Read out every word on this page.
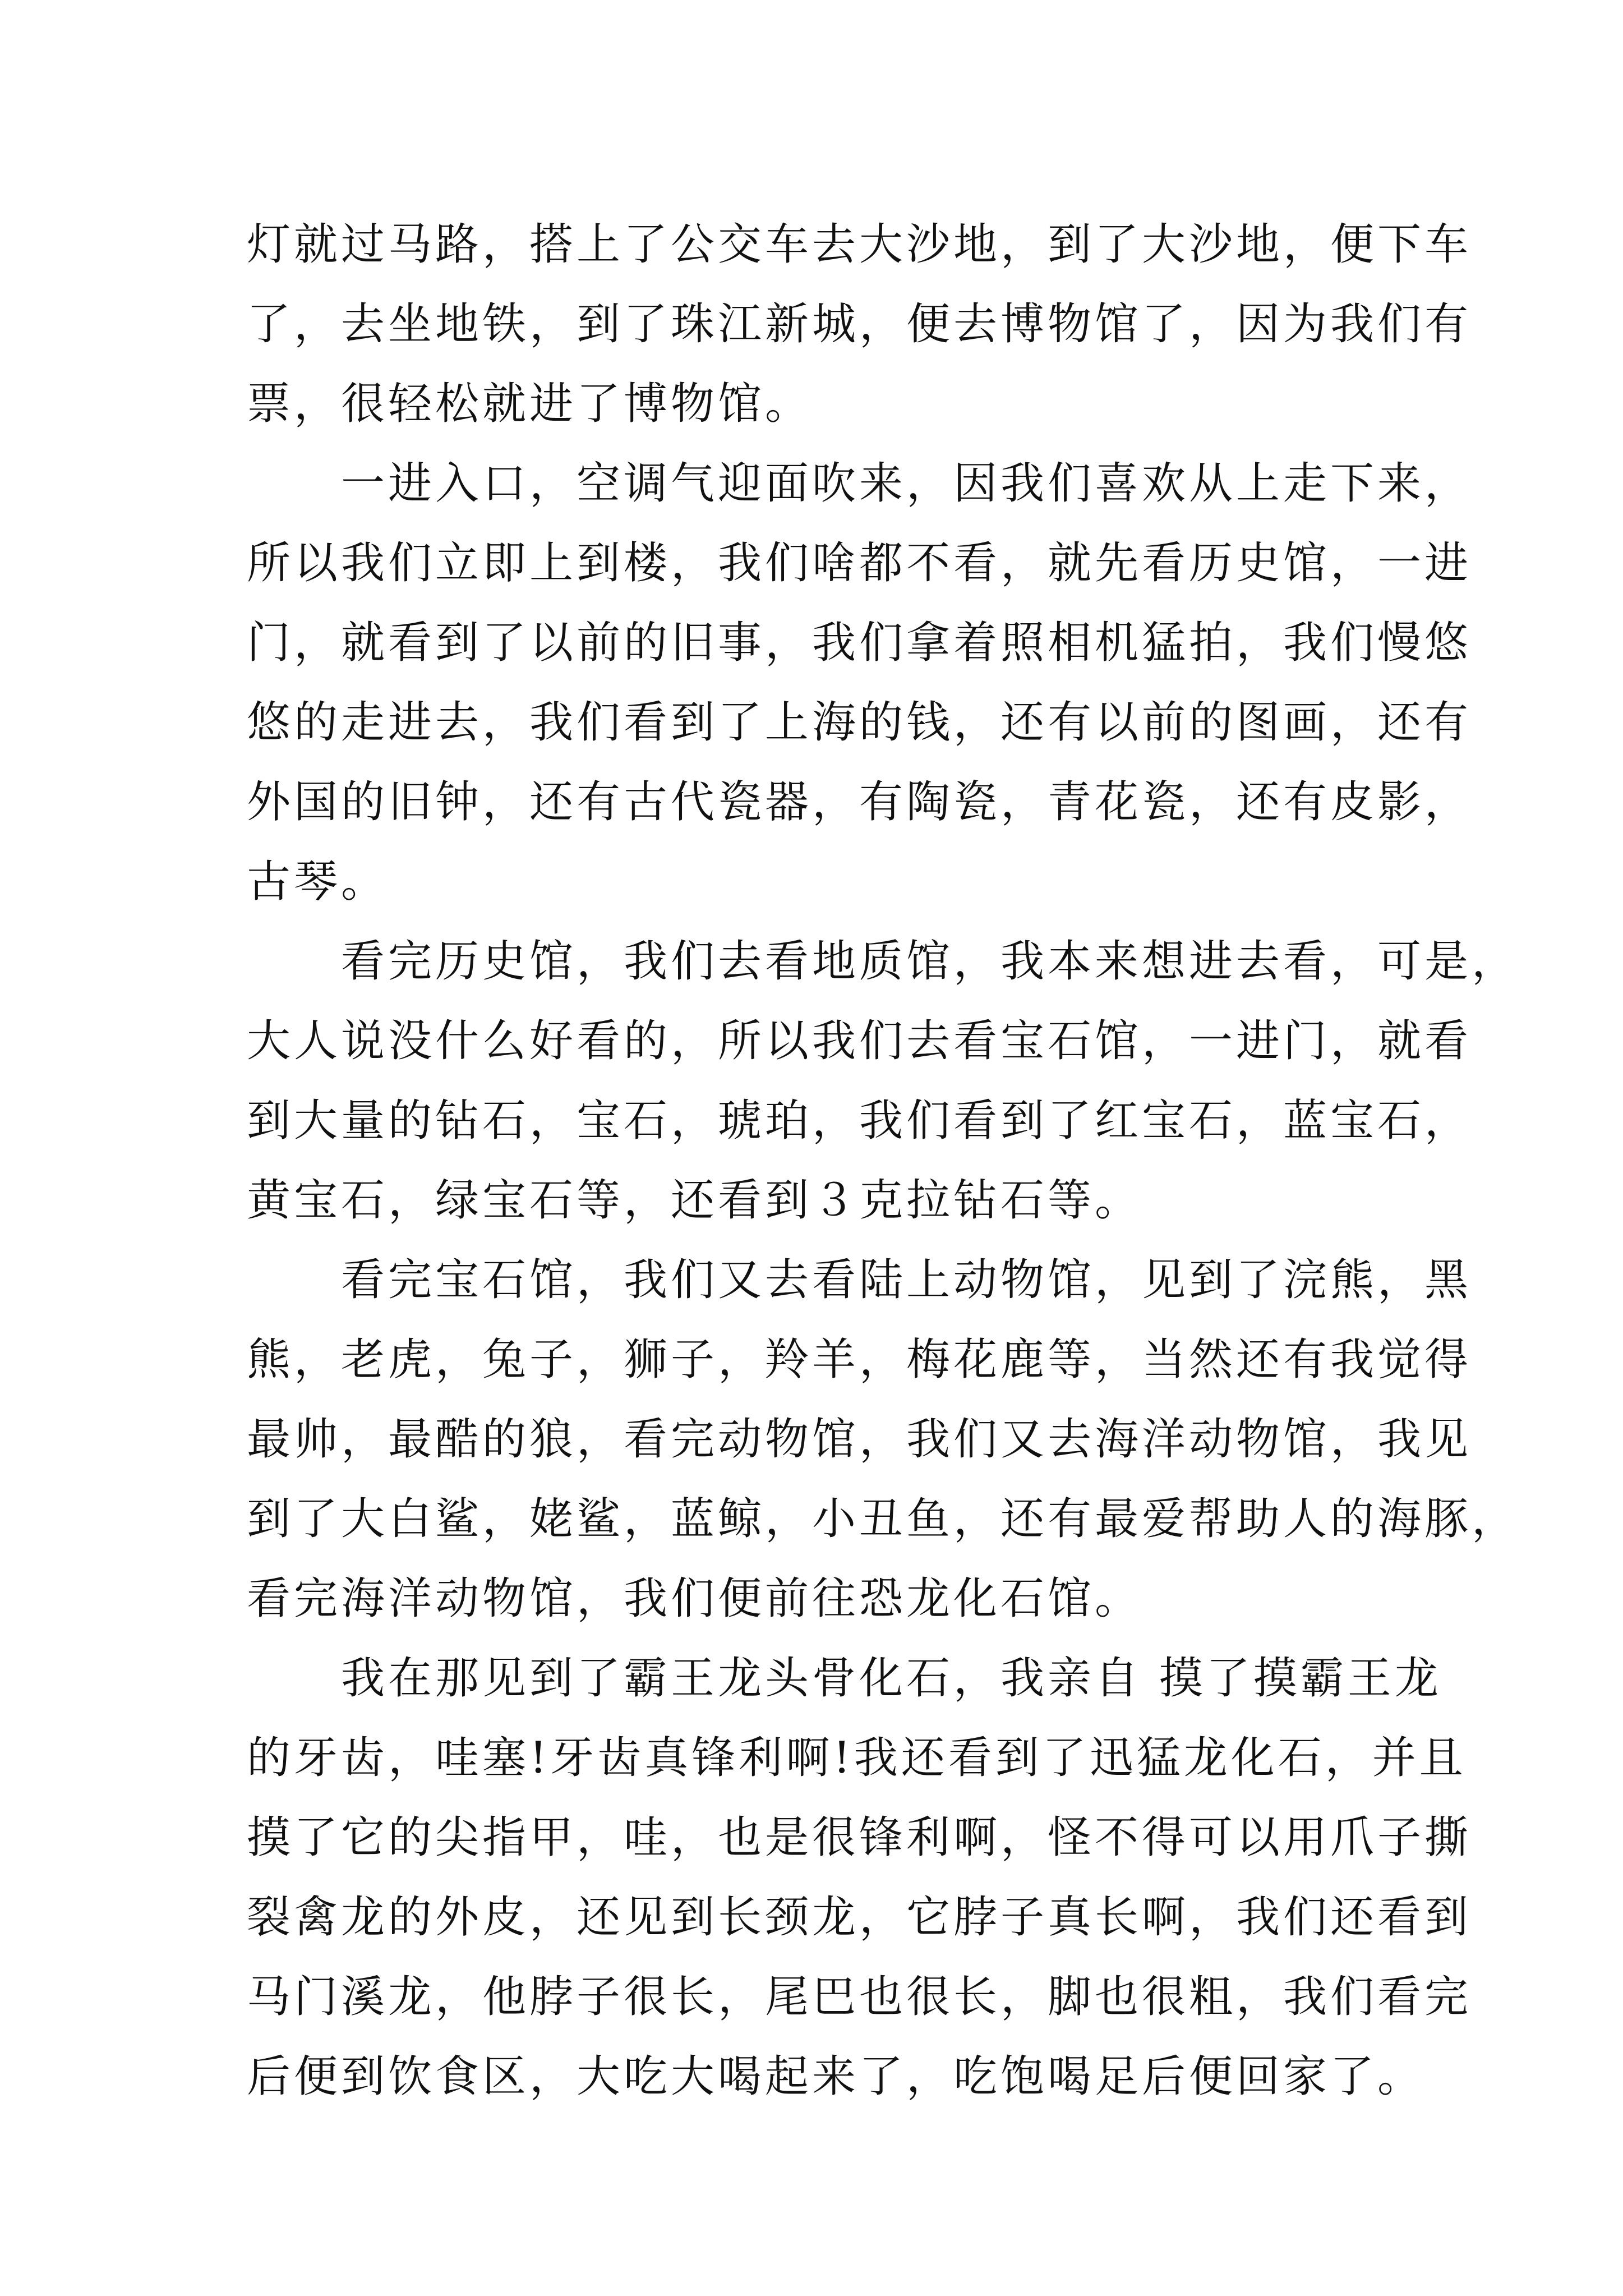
灯就过马路，搭上了公交车去大沙地，到了大沙地，便下车
了，去坐地铁，到了珠江新城，便去博物馆了，因为我们有
票，很轻松就进了博物馆。

一进入口，空调气迎面吹来，因我们喜欢从上走下来，
所以我们立即上到楼，我们啥都不看，就先看历史馆，一进
门，就看到了以前的旧事，我们拿着照相机猛拍，我们慢悠
悠的走进去，我们看到了上海的钱，还有以前的图画，还有
外国的旧钟，还有古代瓷器，有陶瓷，青花瓷，还有皮影，
古琴。

看完历史馆，我们去看地质馆，我本来想进去看，可是，
大人说没什么好看的，所以我们去看宝石馆，一进门，就看
到大量的钻石，宝石，琥珀，我们看到了红宝石，蓝宝石，
黄宝石，绿宝石等，还看到３克拉钻石等。

看完宝石馆，我们又去看陆上动物馆，见到了浣熊，黑
熊，老虎，兔子，狮子，羚羊，梅花鹿等，当然还有我觉得
最帅，最酷的狼，看完动物馆，我们又去海洋动物馆，我见
到了大白鲨，姥鲨，蓝鲸，小丑鱼，还有最爱帮助人的海豚，
看完海洋动物馆，我们便前往恐龙化石馆。

我在那见到了霸王龙头骨化石，我亲自 摸了摸霸王龙
的牙齿，哇塞!牙齿真锋利啊!我还看到了迅猛龙化石，并且
摸了它的尖指甲，哇，也是很锋利啊，怪不得可以用爪子撕
裂禽龙的外皮，还见到长颈龙，它脖子真长啊，我们还看到
马门溪龙，他脖子很长，尾巴也很长，脚也很粗，我们看完
后便到饮食区，大吃大喝起来了，吃饱喝足后便回家了。
